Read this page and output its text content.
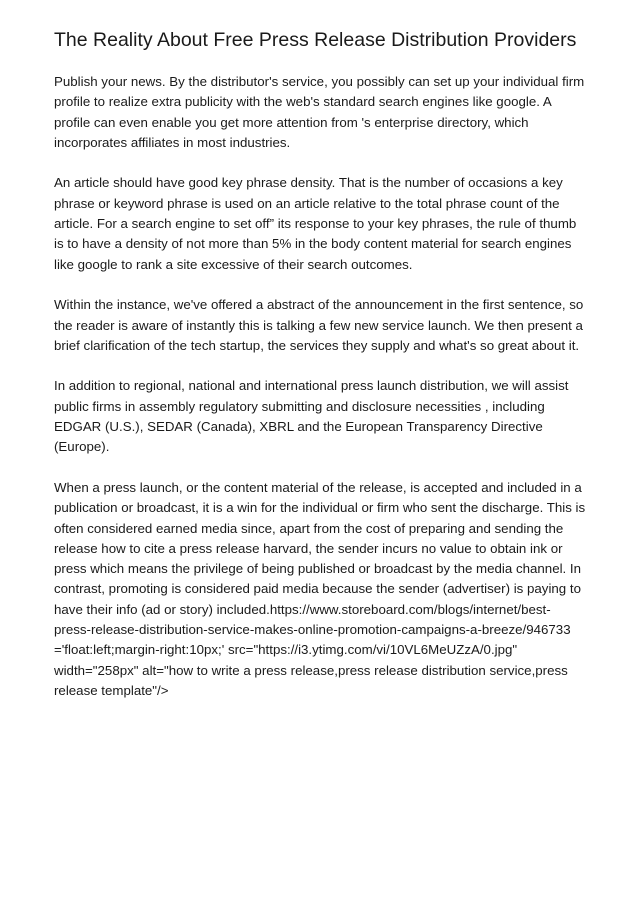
The Reality About Free Press Release Distribution Providers

Publish your news. By the distributor's service, you possibly can set up your individual firm profile to realize extra publicity with the web's standard search engines like google. A profile can even enable you get more attention from 's enterprise directory, which incorporates affiliates in most industries.

An article should have good key phrase density. That is the number of occasions a key phrase or keyword phrase is used on an article relative to the total phrase count of the article. For a search engine to set off” its response to your key phrases, the rule of thumb is to have a density of not more than 5% in the body content material for search engines like google to rank a site excessive of their search outcomes.

Within the instance, we've offered a abstract of the announcement in the first sentence, so the reader is aware of instantly this is talking a few new service launch. We then present a brief clarification of the tech startup, the services they supply and what's so great about it.

In addition to regional, national and international press launch distribution, we will assist public firms in assembly regulatory submitting and disclosure necessities , including EDGAR (U.S.), SEDAR (Canada), XBRL and the European Transparency Directive (Europe).

When a press launch, or the content material of the release, is accepted and included in a publication or broadcast, it is a win for the individual or firm who sent the discharge. This is often considered earned media since, apart from the cost of preparing and sending the release how to cite a press release harvard, the sender incurs no value to obtain ink or press which means the privilege of being published or broadcast by the media channel. In contrast, promoting is considered paid media because the sender (advertiser) is paying to have their info (ad or story) included.https://www.storeboard.com/blogs/internet/best-press-release-distribution-service-makes-online-promotion-campaigns-a-breeze/946733 ='float:left;margin-right:10px;' src="https://i3.ytimg.com/vi/10VL6MeUZzA/0.jpg" width="258px" alt="how to write a press release,press release distribution service,press release template"/>
